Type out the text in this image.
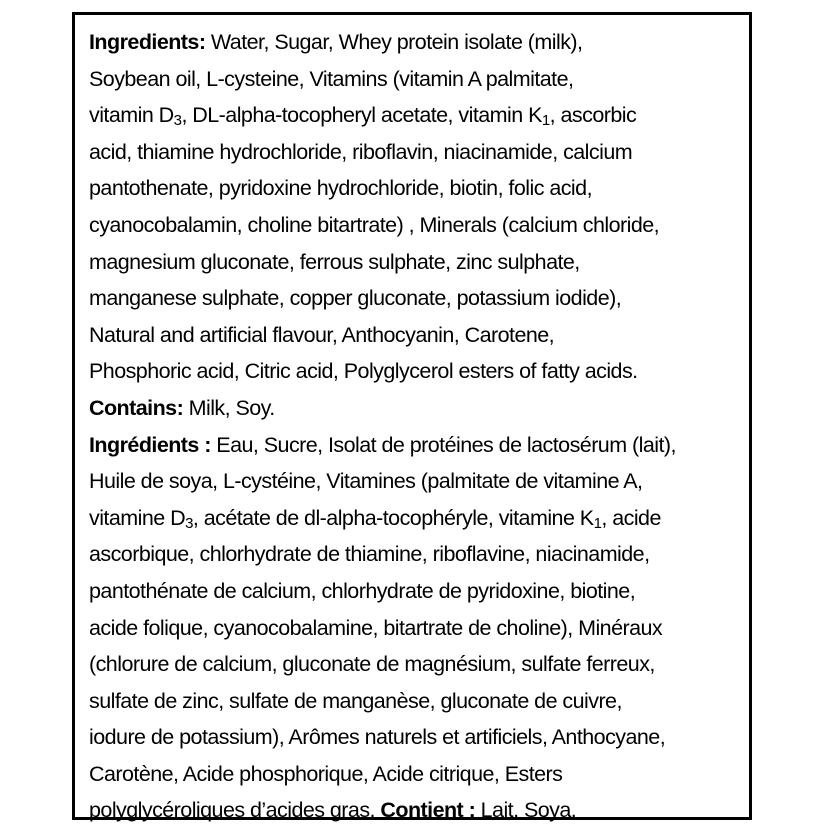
Ingredients: Water, Sugar, Whey protein isolate (milk),
Soybean oil, L-cysteine, Vitamins (vitamin A palmitate,
vitamin $D_3$, DL-alpha-tocopheryl acetate, vitamin $K_1$, ascorbic
acid, thiamine hydrochloride, riboflavin, niacinamide, calcium
pantothenate, pyridoxine hydrochloride, biotin, folic acid,
cyanocobalamin, choline bitartrate) , Minerals (calcium chloride,
magnesium gluconate, ferrous sulphate, zinc sulphate,
manganese sulphate, copper gluconate, potassium iodide),
Natural and artificial flavour, Anthocyanin, Carotene,
Phosphoric acid, Citric acid, Polyglycerol esters of fatty acids.
Contains: Milk, Soy.
Ingrédients : Eau, Sucre, Isolat de protéines de lactosérum (lait),
Huile de soya, L-cystéine, Vitamines (palmitate de vitamine A,
vitamine $D_3$, acétate de dl-alpha-tocophéryle, vitamine $K_1$, acide
ascorbique, chlorhydrate de thiamine, riboflavine, niacinamide,
pantothénate de calcium, chlorhydrate de pyridoxine, biotine,
acide folique, cyanocobalamine, bitartrate de choline), Minéraux
(chlorure de calcium, gluconate de magnésium, sulfate ferreux,
sulfate de zinc, sulfate de manganèse, gluconate de cuivre,
iodure de potassium), Arômes naturels et artificiels, Anthocyane,
Carotène, Acide phosphorique, Acide citrique, Esters
polyglycéroliques d’acides gras. Contient : Lait, Soya.
